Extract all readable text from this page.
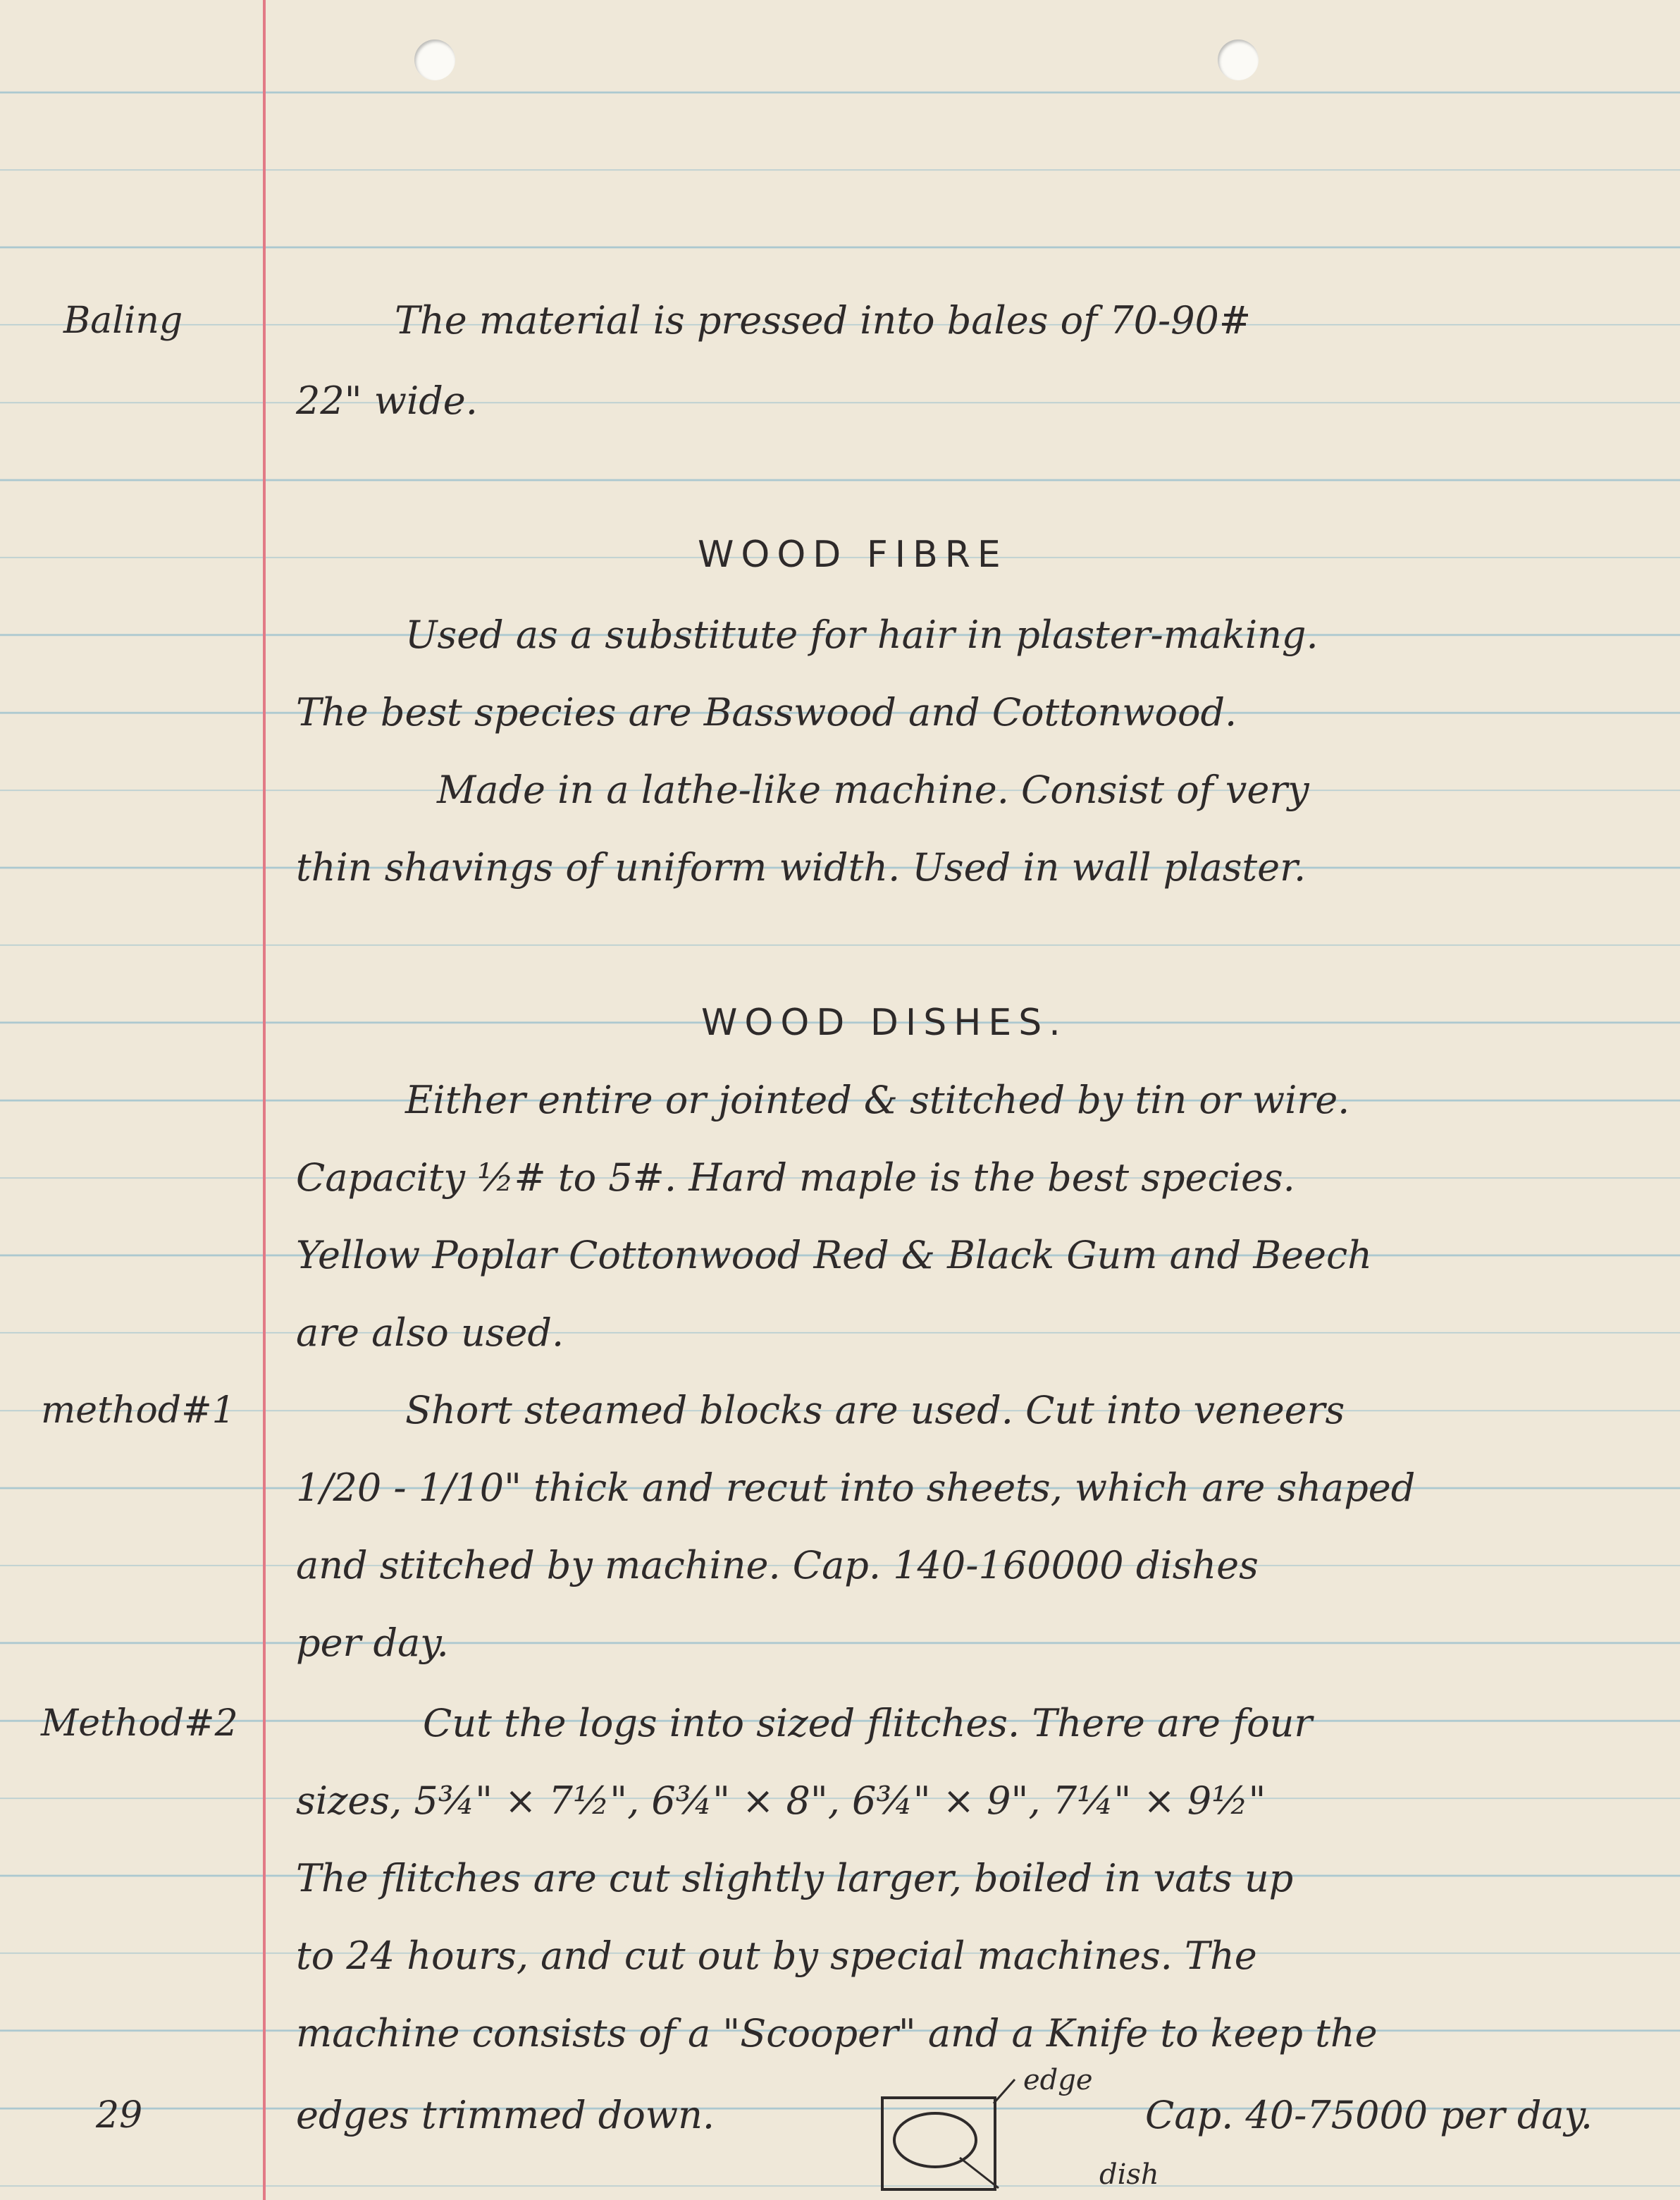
Baling
method#1
Method#2
29
The material is pressed into bales of 70-90#
22" wide.
WOOD FIBRE
Used as a substitute for hair in plaster-making.
The best species are Basswood and Cottonwood.
Made in a lathe-like machine. Consist of very
thin shavings of uniform width. Used in wall plaster.
WOOD DISHES.
Either entire or jointed & stitched by tin or wire.
Capacity ½# to 5#. Hard maple is the best species.
Yellow Poplar Cottonwood Red & Black Gum and Beech
are also used.
Short steamed blocks are used. Cut into veneers
1/20 - 1/10" thick and recut into sheets, which are shaped
and stitched by machine. Cap. 140-160000 dishes
per day.
Cut the logs into sized flitches. There are four
sizes, 5¾" × 7½", 6¾" × 8", 6¾" × 9", 7¼" × 9½"
The flitches are cut slightly larger, boiled in vats up
to 24 hours, and cut out by special machines. The
machine consists of a "Scooper" and a Knife to keep the
edges trimmed down.	Cap. 40-75000 per day.
edge
dish
